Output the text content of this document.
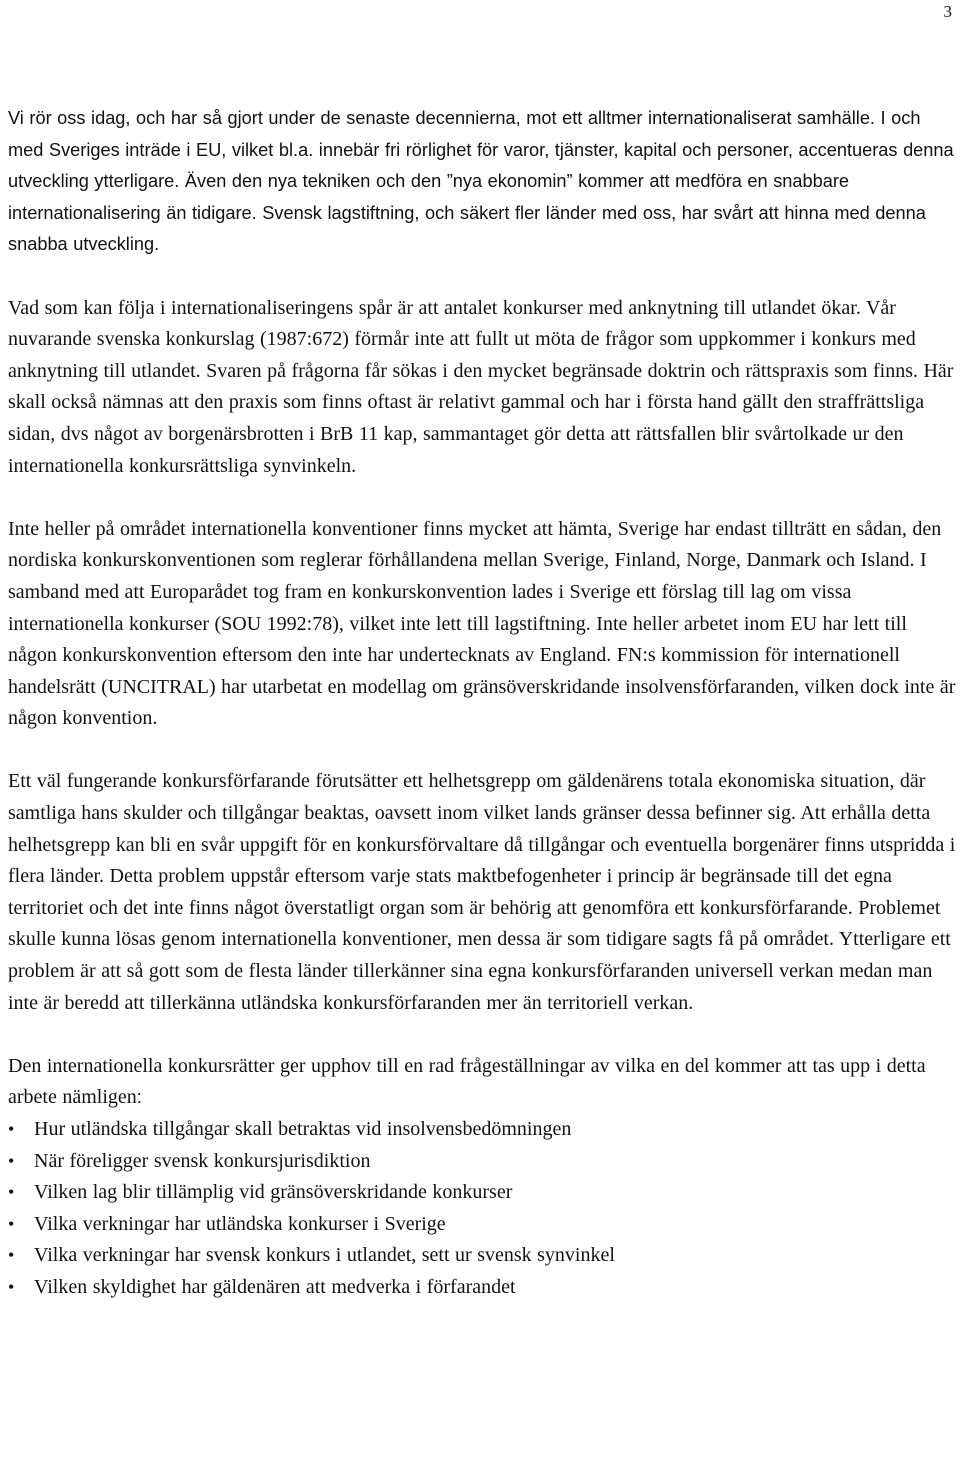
3

Vi rör oss idag, och har så gjort under de senaste decennierna, mot ett alltmer internationaliserat samhälle. I och med Sveriges inträde i EU, vilket bl.a. innebär fri rörlighet för varor, tjänster, kapital och personer, accentueras denna utveckling ytterligare. Även den nya tekniken och den ”nya ekonomin” kommer att medföra en snabbare internationalisering än tidigare. Svensk lagstiftning, och säkert fler länder med oss, har svårt att hinna med denna snabba utveckling.

Vad som kan följa i internationaliseringens spår är att antalet konkurser med anknytning till utlandet ökar. Vår nuvarande svenska konkurslag (1987:672) förmår inte att fullt ut möta de frågor som uppkommer i konkurs med anknytning till utlandet. Svaren på frågorna får sökas i den mycket begränsade doktrin och rättspraxis som finns. Här skall också nämnas att den praxis som finns oftast är relativt gammal och har i första hand gällt den straffrättsliga sidan, dvs något av borgenärsbrotten i BrB 11 kap, sammantaget gör detta att rättsfallen blir svårtolkade ur den internationella konkursrättsliga synvinkeln.

Inte heller på området internationella konventioner finns mycket att hämta, Sverige har endast tillträtt en sådan, den nordiska konkurskonventionen som reglerar förhållandena mellan Sverige, Finland, Norge, Danmark och Island. I samband med att Europarådet tog fram en konkurskonvention lades i Sverige ett förslag till lag om vissa internationella konkurser (SOU 1992:78), vilket inte lett till lagstiftning. Inte heller arbetet inom EU har lett till någon konkurskonvention eftersom den inte har undertecknats av England. FN:s kommission för internationell handelsrätt (UNCITRAL) har utarbetat en modellag om gränsöverskridande insolvensförfaranden, vilken dock inte är någon konvention.

Ett väl fungerande konkursförfarande förutsätter ett helhetsgrepp om gäldenärens totala ekonomiska situation, där samtliga hans skulder och tillgångar beaktas, oavsett inom vilket lands gränser dessa befinner sig. Att erhålla detta helhetsgrepp kan bli en svår uppgift för en konkursförvaltare då tillgångar och eventuella borgenärer finns utspridda i flera länder. Detta problem uppstår eftersom varje stats maktbefogenheter i princip är begränsade till det egna territoriet och det inte finns något överstatligt organ som är behörig att genomföra ett konkursförfarande. Problemet skulle kunna lösas genom internationella konventioner, men dessa är som tidigare sagts få på området. Ytterligare ett problem är att så gott som de flesta länder tillerkänner sina egna konkursförfaranden universell verkan medan man inte är beredd att tillerkänna utländska konkursförfaranden mer än territoriell verkan.

Den internationella konkursrätter ger upphov till en rad frågeställningar av vilka en del kommer att tas upp i detta arbete nämligen:

• Hur utländska tillgångar skall betraktas vid insolvensbedömningen
• När föreligger svensk konkursjurisdiktion
• Vilken lag blir tillämplig vid gränsöverskridande konkurser
• Vilka verkningar har utländska konkurser i Sverige
• Vilka verkningar har svensk konkurs i utlandet, sett ur svensk synvinkel
• Vilken skyldighet har gäldenären att medverka i förfarandet
